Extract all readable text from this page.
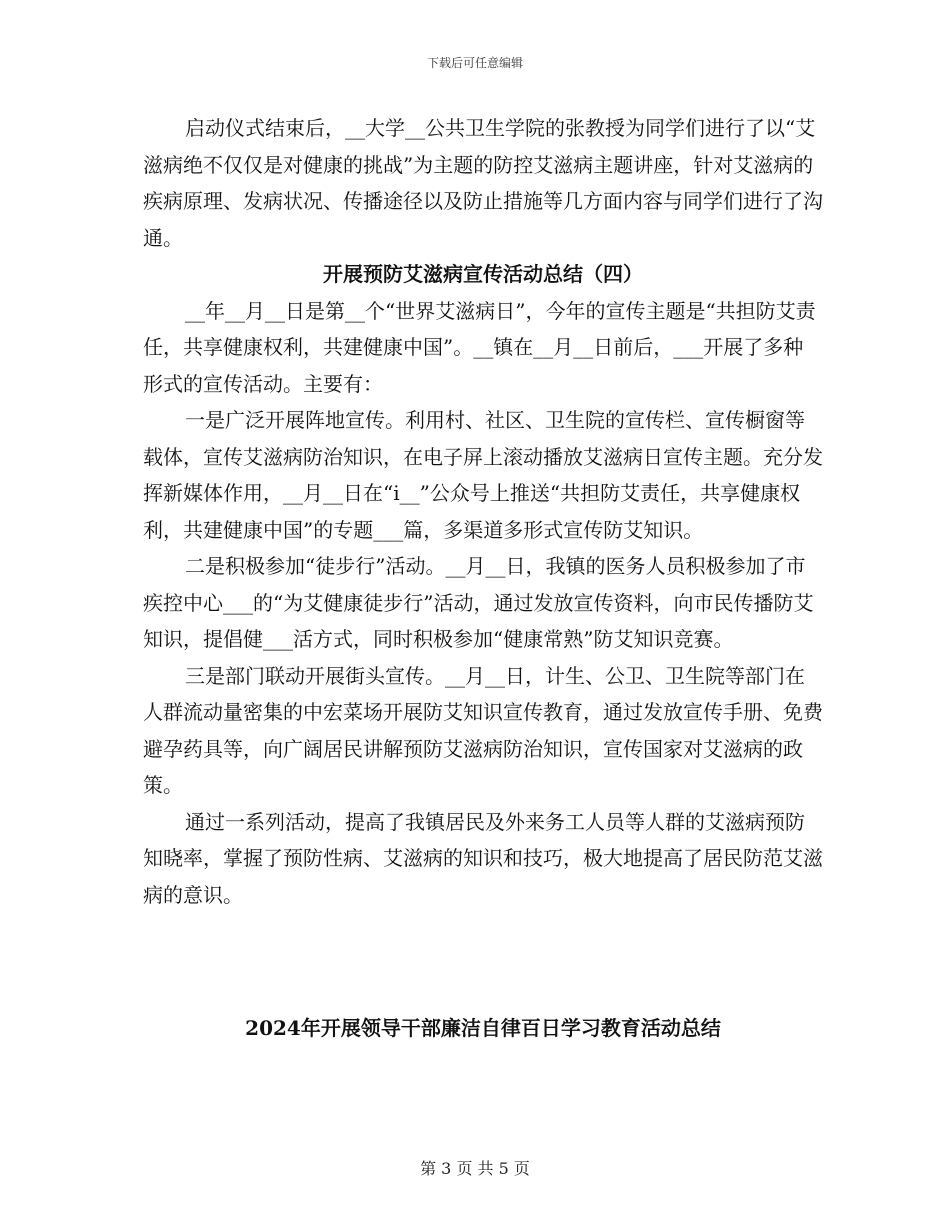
下载后可任意编辑

启动仪式结束后，__大学__公共卫生学院的张教授为同学们进行了以“艾滋病绝不仅仅是对健康的挑战”为主题的防控艾滋病主题讲座，针对艾滋病的疾病原理、发病状况、传播途径以及防止措施等几方面内容与同学们进行了沟通。

开展预防艾滋病宣传活动总结（四）

__年__月__日是第__个“世界艾滋病日”，今年的宣传主题是“共担防艾责任，共享健康权利，共建健康中国”。__镇在__月__日前后，___开展了多种形式的宣传活动。主要有：

一是广泛开展阵地宣传。利用村、社区、卫生院的宣传栏、宣传橱窗等载体，宣传艾滋病防治知识，在电子屏上滚动播放艾滋病日宣传主题。充分发挥新媒体作用，__月__日在“i__”公众号上推送“共担防艾责任，共享健康权利，共建健康中国”的专题___篇，多渠道多形式宣传防艾知识。

二是积极参加“徒步行”活动。__月__日，我镇的医务人员积极参加了市疾控中心___的“为艾健康徒步行”活动，通过发放宣传资料，向市民传播防艾知识，提倡健___活方式，同时积极参加“健康常熟”防艾知识竞赛。

三是部门联动开展街头宣传。__月__日，计生、公卫、卫生院等部门在人群流动量密集的中宏菜场开展防艾知识宣传教育，通过发放宣传手册、免费避孕药具等，向广阔居民讲解预防艾滋病防治知识，宣传国家对艾滋病的政策。

通过一系列活动，提高了我镇居民及外来务工人员等人群的艾滋病预防知晓率，掌握了预防性病、艾滋病的知识和技巧，极大地提高了居民防范艾滋病的意识。

2024年开展领导干部廉洁自律百日学习教育活动总结

第 3 页 共 5 页
